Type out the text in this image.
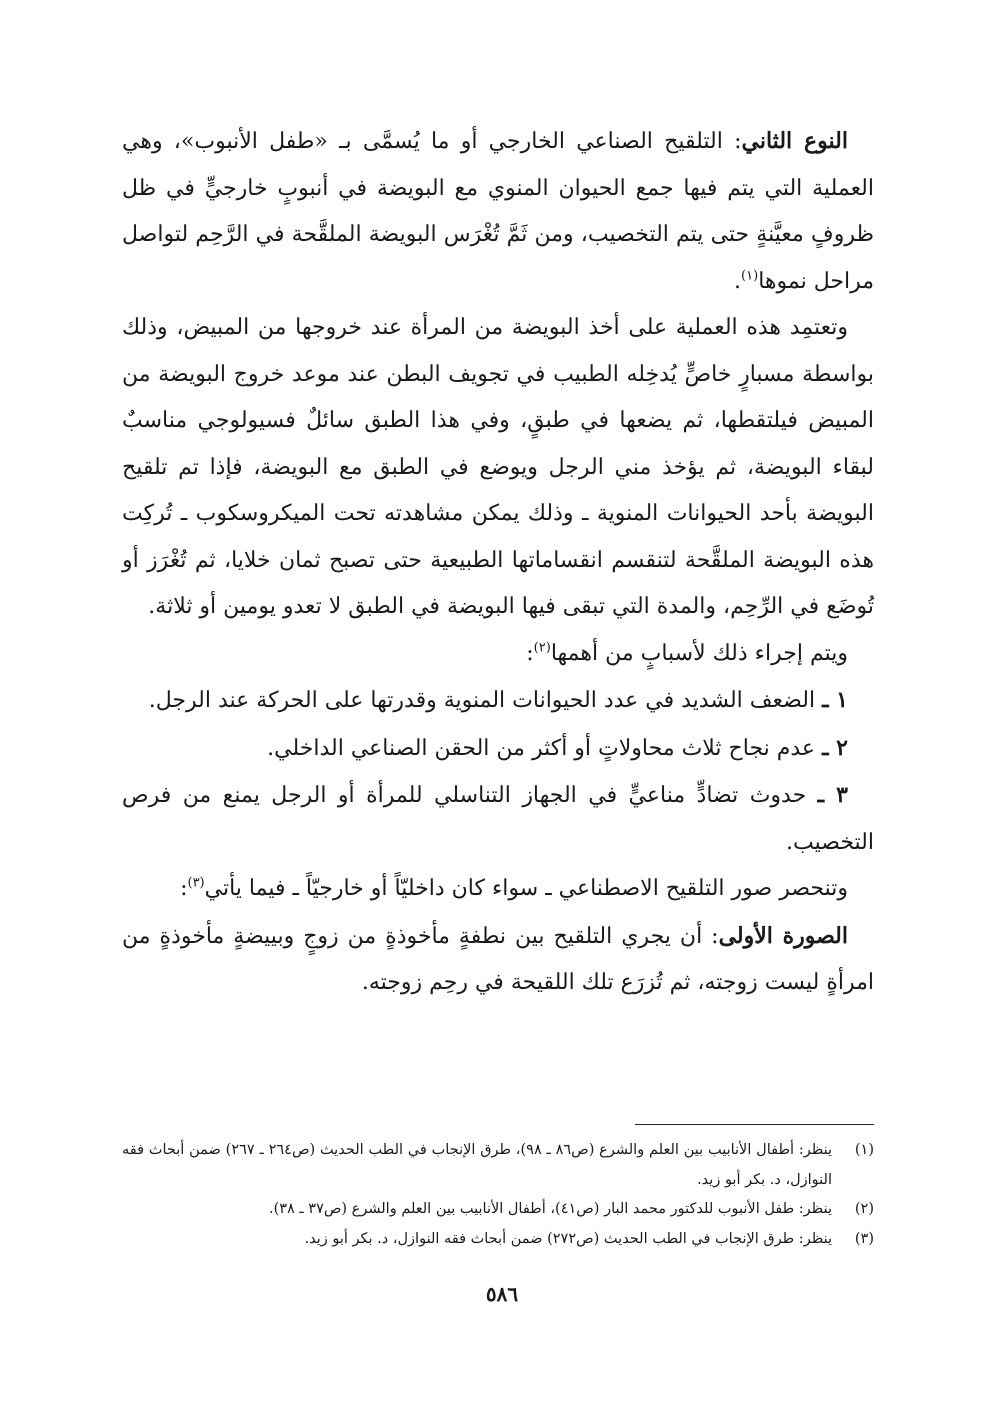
النوع الثاني: التلقيح الصناعي الخارجي أو ما يُسمَّى بـ «طفل الأنبوب»، وهي العملية التي يتم فيها جمع الحيوان المنوي مع البويضة في أنبوبٍ خارجيٍّ في ظل ظروفٍ معيَّنةٍ حتى يتم التخصيب، ومن ثَمَّ تُغْرَس البويضة الملقَّحة في الرَّحِم لتواصل مراحل نموها$^{(١)}$.

وتعتمِد هذه العملية على أخذ البويضة من المرأة عند خروجها من المبيض، وذلك بواسطة مسبارٍ خاصٍّ يُدخِله الطبيب في تجويف البطن عند موعد خروج البويضة من المبيض فيلتقطها، ثم يضعها في طبقٍ، وفي هذا الطبق سائلٌ فسيولوجي مناسبٌ لبقاء البويضة، ثم يؤخذ مني الرجل ويوضع في الطبق مع البويضة، فإذا تم تلقيح البويضة بأحد الحيوانات المنوية ـ وذلك يمكن مشاهدته تحت الميكروسكوب ـ تُركِت هذه البويضة الملقَّحة لتنقسم انقساماتها الطبيعية حتى تصبح ثمان خلايا، ثم تُغْرَز أو تُوضَع في الرِّحِم، والمدة التي تبقى فيها البويضة في الطبق لا تعدو يومين أو ثلاثة.

ويتم إجراء ذلك لأسبابٍ من أهمها$^{(٢)}$:

١ ـ الضعف الشديد في عدد الحيوانات المنوية وقدرتها على الحركة عند الرجل.

٢ ـ عدم نجاح ثلاث محاولاتٍ أو أكثر من الحقن الصناعي الداخلي.

٣ ـ حدوث تضادٍّ مناعيٍّ في الجهاز التناسلي للمرأة أو الرجل يمنع من فرص التخصيب.

وتنحصر صور التلقيح الاصطناعي ـ سواء كان داخليّاً أو خارجيّاً ـ فيما يأتي$^{(٣)}$:

الصورة الأولى: أن يجري التلقيح بين نطفةٍ مأخوذةٍ من زوجٍ وبييضةٍ مأخوذةٍ من امرأةٍ ليست زوجته، ثم تُزرَع تلك اللقيحة في رحِم زوجته.

(١)
ينظر: أطفال الأنابيب بين العلم والشرع (ص٨٦ ـ ٩٨)، طرق الإنجاب في الطب الحديث (ص٢٦٤ ـ ٢٦٧) ضمن أبحاث فقه النوازل، د. بكر أبو زيد.
(٢)
ينظر: طفل الأنبوب للدكتور محمد البار (ص٤١)، أطفال الأنابيب بين العلم والشرع (ص٣٧ ـ ٣٨).
(٣)
ينظر: طرق الإنجاب في الطب الحديث (ص٢٧٢) ضمن أبحاث فقه النوازل، د. بكر أبو زيد.
٥٨٦
